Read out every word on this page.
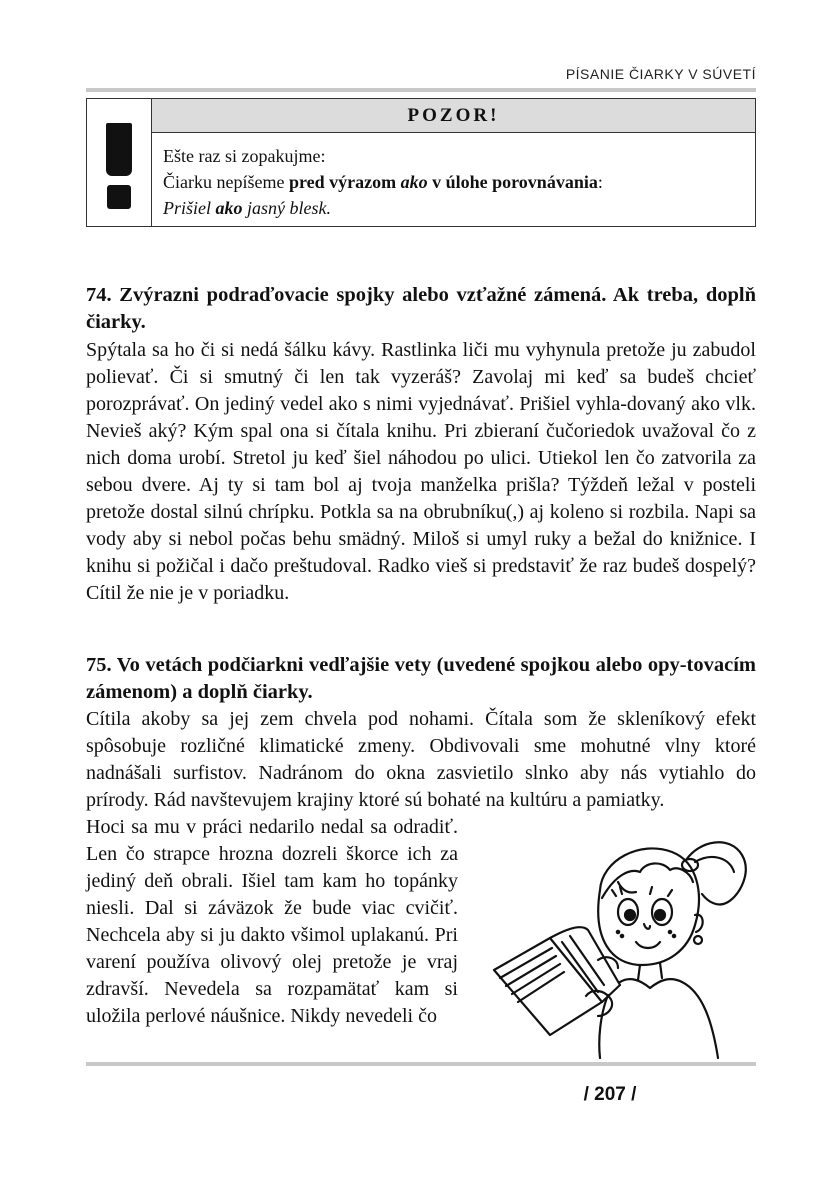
PÍSANIE ČIARKY V SÚVETÍ
POZOR!

Ešte raz si zopakujme:

Čiarku nepíšeme pred výrazom ako v úlohe porovnávania:

Prišiel ako jasný blesk.

74. Zvýrazni podraďovacie spojky alebo vzťažné zámená. Ak treba, doplň čiarky.
Spýtala sa ho či si nedá šálku kávy. Rastlinka liči mu vyhynula pretože ju zabudol polievať. Či si smutný či len tak vyzeráš? Zavolaj mi keď sa budeš chcieť porozprávať. On jediný vedel ako s nimi vyjednávať. Prišiel vyhla-dovaný ako vlk. Nevieš aký? Kým spal ona si čítala knihu. Pri zbieraní čučoriedok uvažoval čo z nich doma urobí. Stretol ju keď šiel náhodou po ulici. Utiekol len čo zatvorila za sebou dvere. Aj ty si tam bol aj tvoja manželka prišla? Týždeň ležal v posteli pretože dostal silnú chrípku. Potkla sa na obrubníku(,) aj koleno si rozbila. Napi sa vody aby si nebol počas behu smädný. Miloš si umyl ruky a bežal do knižnice. I knihu si požičal i dačo preštudoval. Radko vieš si predstaviť že raz budeš dospelý? Cítil že nie je v poriadku.
75. Vo vetách podčiarkni vedľajšie vety (uvedené spojkou alebo opy-tovacím zámenom) a doplň čiarky.
Cítila akoby sa jej zem chvela pod nohami. Čítala som že skleníkový efekt spôsobuje rozličné klimatické zmeny. Obdivovali sme mohutné vlny ktoré nadnášali surfistov. Nadránom do okna zasvietilo slnko aby nás vytiahlo do prírody. Rád navštevujem krajiny ktoré sú bohaté na kultúru a pamiatky.
Hoci sa mu v práci nedarilo nedal sa odradiť. Len čo strapce hrozna dozreli škorce ich za jediný deň obrali. Išiel tam kam ho topánky niesli. Dal si záväzok že bude viac cvičiť. Nechcela aby si ju dakto všimol uplakanú. Pri varení používa olivový olej pretože je vraj zdravší. Nevedela sa rozpamätať kam si uložila perlové náušnice. Nikdy nevedeli čo
/ 207 /
